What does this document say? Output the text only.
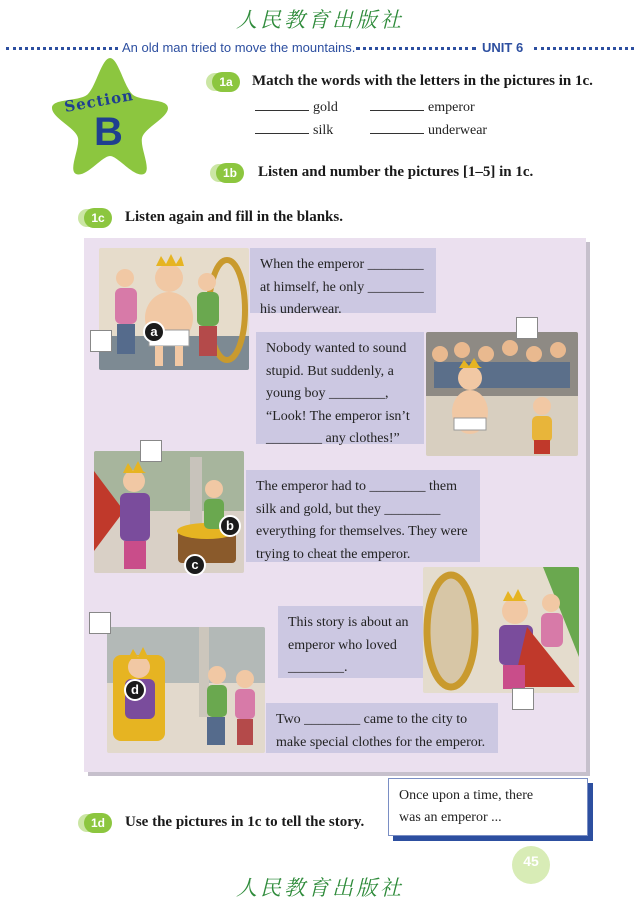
人民教育出版社
An old man tried to move the mountains.	UNIT 6
Section
B
1a	Match the words with the letters in the pictures in 1c.
gold	emperor
silk	underwear
1b	Listen and number the pictures [1–5] in 1c.
1c	Listen again and fill in the blanks.
a
When the emperor ________
at himself, he only ________
his underwear.
Nobody wanted to sound
stupid. But suddenly, a
young boy ________,
“Look! The emperor isn’t
________ any clothes!”
b
c
The emperor had to ________ them
silk and gold, but they ________
everything for themselves. They were
trying to cheat the emperor.
This story is about an
emperor who loved
________.
d
Two ________ came to the city to
make special clothes for the emperor.
1d	Use the pictures in 1c to tell the story.
Once upon a time, there
was an emperor ...
45
人民教育出版社
